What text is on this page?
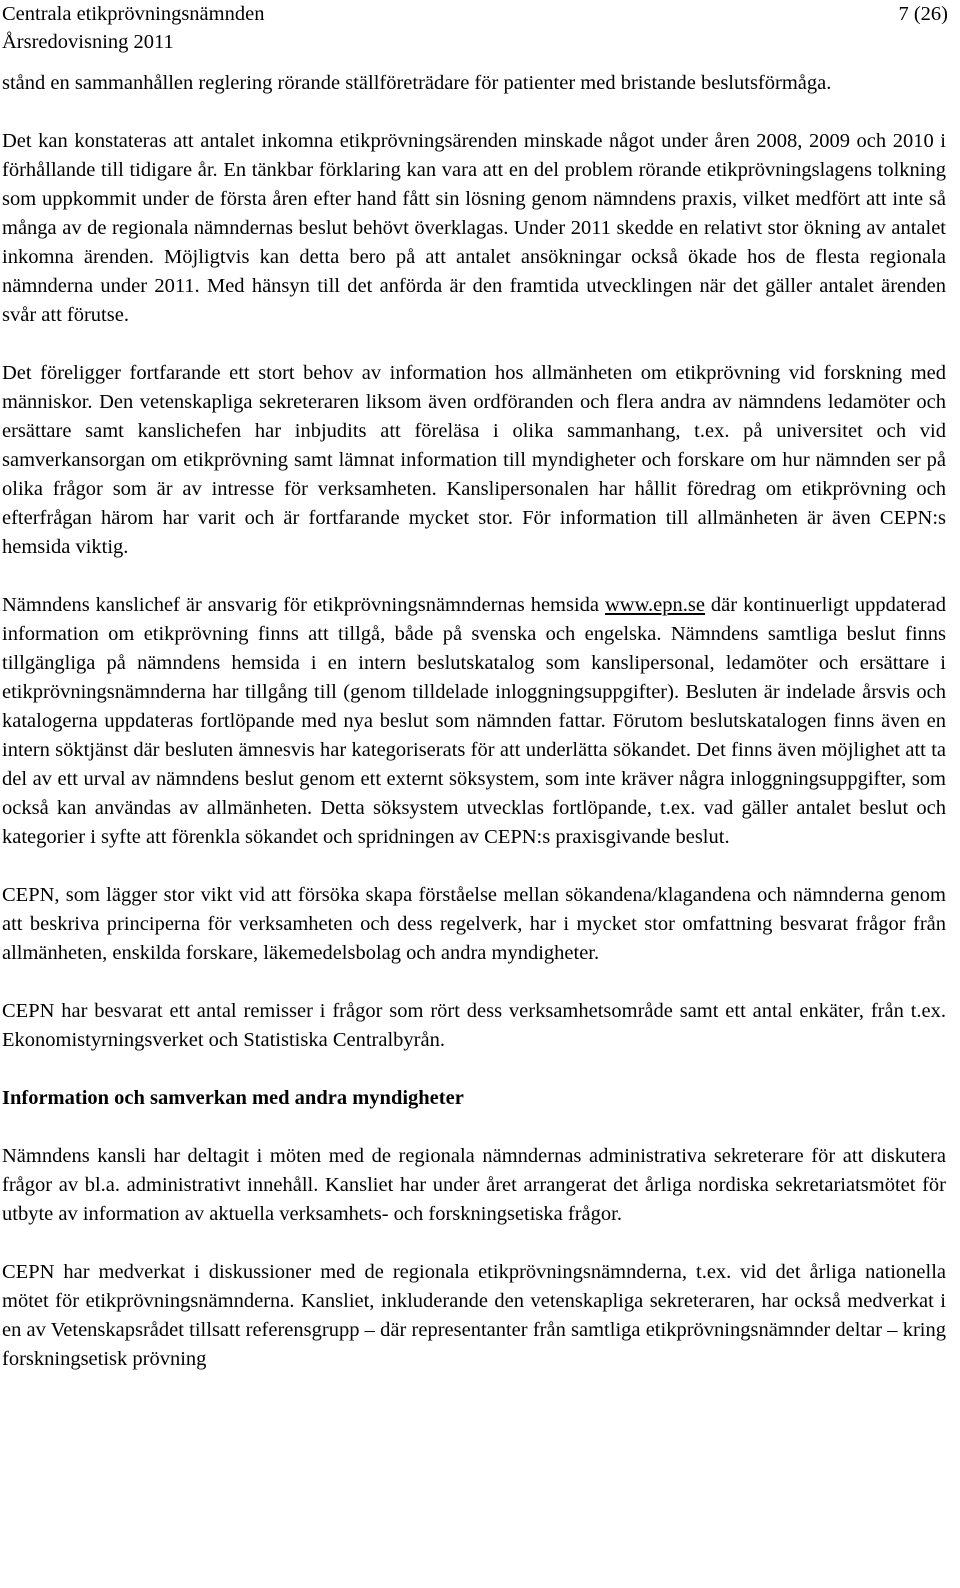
Centrala etikprövningsnämnden	7 (26)
Årsredovisning 2011

stånd en sammanhållen reglering rörande ställföreträdare för patienter med bristande beslutsförmåga.

Det kan konstateras att antalet inkomna etikprövningsärenden minskade något under åren 2008, 2009 och 2010 i förhållande till tidigare år. En tänkbar förklaring kan vara att en del problem rörande etikprövningslagens tolkning som uppkommit under de första åren efter hand fått sin lösning genom nämndens praxis, vilket medfört att inte så många av de regionala nämndernas beslut behövt överklagas. Under 2011 skedde en relativt stor ökning av antalet inkomna ärenden. Möjligtvis kan detta bero på att antalet ansökningar också ökade hos de flesta regionala nämnderna under 2011. Med hänsyn till det anförda är den framtida utvecklingen när det gäller antalet ärenden svår att förutse.

Det föreligger fortfarande ett stort behov av information hos allmänheten om etikprövning vid forskning med människor. Den vetenskapliga sekreteraren liksom även ordföranden och flera andra av nämndens ledamöter och ersättare samt kanslichefen har inbjudits att föreläsa i olika sammanhang, t.ex. på universitet och vid samverkansorgan om etikprövning samt lämnat information till myndigheter och forskare om hur nämnden ser på olika frågor som är av intresse för verksamheten. Kanslipersonalen har hållit föredrag om etikprövning och efterfrågan härom har varit och är fortfarande mycket stor. För information till allmänheten är även CEPN:s hemsida viktig.

Nämndens kanslichef är ansvarig för etikprövningsnämndernas hemsida www.epn.se där kontinuerligt uppdaterad information om etikprövning finns att tillgå, både på svenska och engelska. Nämndens samtliga beslut finns tillgängliga på nämndens hemsida i en intern beslutskatalog som kanslipersonal, ledamöter och ersättare i etikprövningsnämnderna har tillgång till (genom tilldelade inloggningsuppgifter). Besluten är indelade årsvis och katalogerna uppdateras fortlöpande med nya beslut som nämnden fattar. Förutom beslutskatalogen finns även en intern söktjänst där besluten ämnesvis har kategoriserats för att underlätta sökandet. Det finns även möjlighet att ta del av ett urval av nämndens beslut genom ett externt söksystem, som inte kräver några inloggningsuppgifter, som också kan användas av allmänheten. Detta söksystem utvecklas fortlöpande, t.ex. vad gäller antalet beslut och kategorier i syfte att förenkla sökandet och spridningen av CEPN:s praxisgivande beslut.

CEPN, som lägger stor vikt vid att försöka skapa förståelse mellan sökandena/klagandena och nämnderna genom att beskriva principerna för verksamheten och dess regelverk, har i mycket stor omfattning besvarat frågor från allmänheten, enskilda forskare, läkemedelsbolag och andra myndigheter.

CEPN har besvarat ett antal remisser i frågor som rört dess verksamhetsområde samt ett antal enkäter, från t.ex. Ekonomistyrningsverket och Statistiska Centralbyrån.

Information och samverkan med andra myndigheter

Nämndens kansli har deltagit i möten med de regionala nämndernas administrativa sekreterare för att diskutera frågor av bl.a. administrativt innehåll. Kansliet har under året arrangerat det årliga nordiska sekretariatsmötet för utbyte av information av aktuella verksamhets- och forskningsetiska frågor.

CEPN har medverkat i diskussioner med de regionala etikprövningsnämnderna, t.ex. vid det årliga nationella mötet för etikprövningsnämnderna. Kansliet, inkluderande den vetenskapliga sekreteraren, har också medverkat i en av Vetenskapsrådet tillsatt referensgrupp – där representanter från samtliga etikprövningsnämnder deltar – kring forskningsetisk prövning
